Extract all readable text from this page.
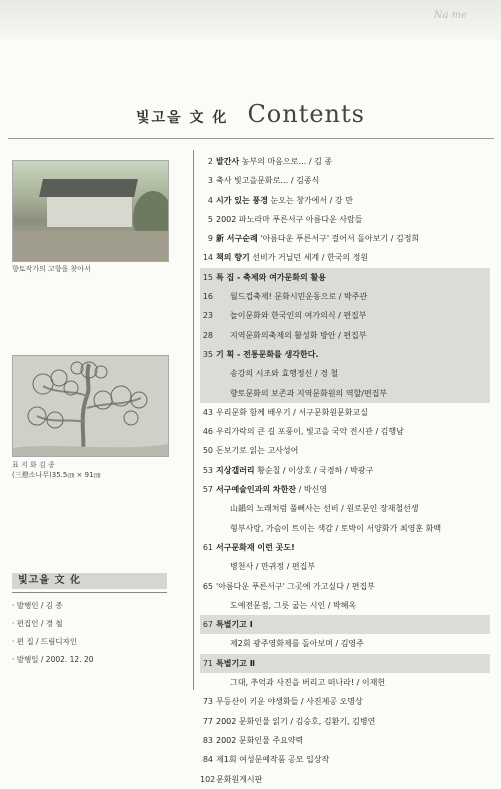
Na me
빛고을 文 化 Contents
향토작가의 고향을 찾아서
표 지 화 김 종
(三燈소나무)35.5㎝ × 91㎝
빛고을 文 化
· 발행인 / 김 종
· 편집인 / 경 철
· 편 집 / 드림디자인
· 발행일 / 2002. 12. 20
2 발간사 농부의 마음으로… / 김 종
3 축사 빛고을문화로… / 김종식
4 시가 있는 풍경 눈오는 창가에서 / 강 만
5 2002 파노라마 푸른서구 아름다운 사람들
9 新 서구순례 '아름다운 푸른서구' 걸어서 돌아보기 / 김정희
14 책의 향기 선비가 거닐던 세계 / 한국의 정원
15 특 집 - 축제와 여가문화의 활용
16 월드컵축제! 문화시민운동으로 / 박주관
23 놀이문화와 한국인의 여가의식 / 편집부
28 지역문화의축제의 활성화 방안 / 편집부
35 기 획 - 전통문화를 생각한다.
송강의 시조와 효행정신 / 경 철
향토문화의 보존과 지역문화원의 역할/편집부
43 우리문화 함께 배우기 / 서구문화원문화교실
46 우리가락의 큰 길 포풍이, 빛고을 국악 전시관 / 김행남
50 돈보기로 읽는 고사성어
53 지상갤러리 황순칠 / 이상호 / 국경하 / 박광구
57 서구예술인과의 차한잔 / 박신영
山韻의 노래처럼 풀뻐사는 선비 / 원로문인 장재철선생
형부사랑, 가슴이 트이는 색감 / 토박이 서양화가 최영훈 화백
61 서구문화재 이런 곳도!
병천사 / 만귀정 / 편집부
65 '아름다운 푸른서구' 그곳에 가고싶다 / 편집부
도예전문점, 그릇 굽는 시인 / 박혜옥
67 특별기고 Ⅰ
제2회 광주영화제를 돌아보며 / 김영주
71 특별기고 Ⅱ
그대, 추억과 사진을 버리고 떠나라! / 이재헌
73 무등산이 키운 야생화들 / 사진제공 오명상
77 2002 문화인물 읽기 / 김승호, 김환기, 김병연
83 2002 문화인물 주요약력
84 제1회 여성문예작품 공모 입상작
102문화원게시판
